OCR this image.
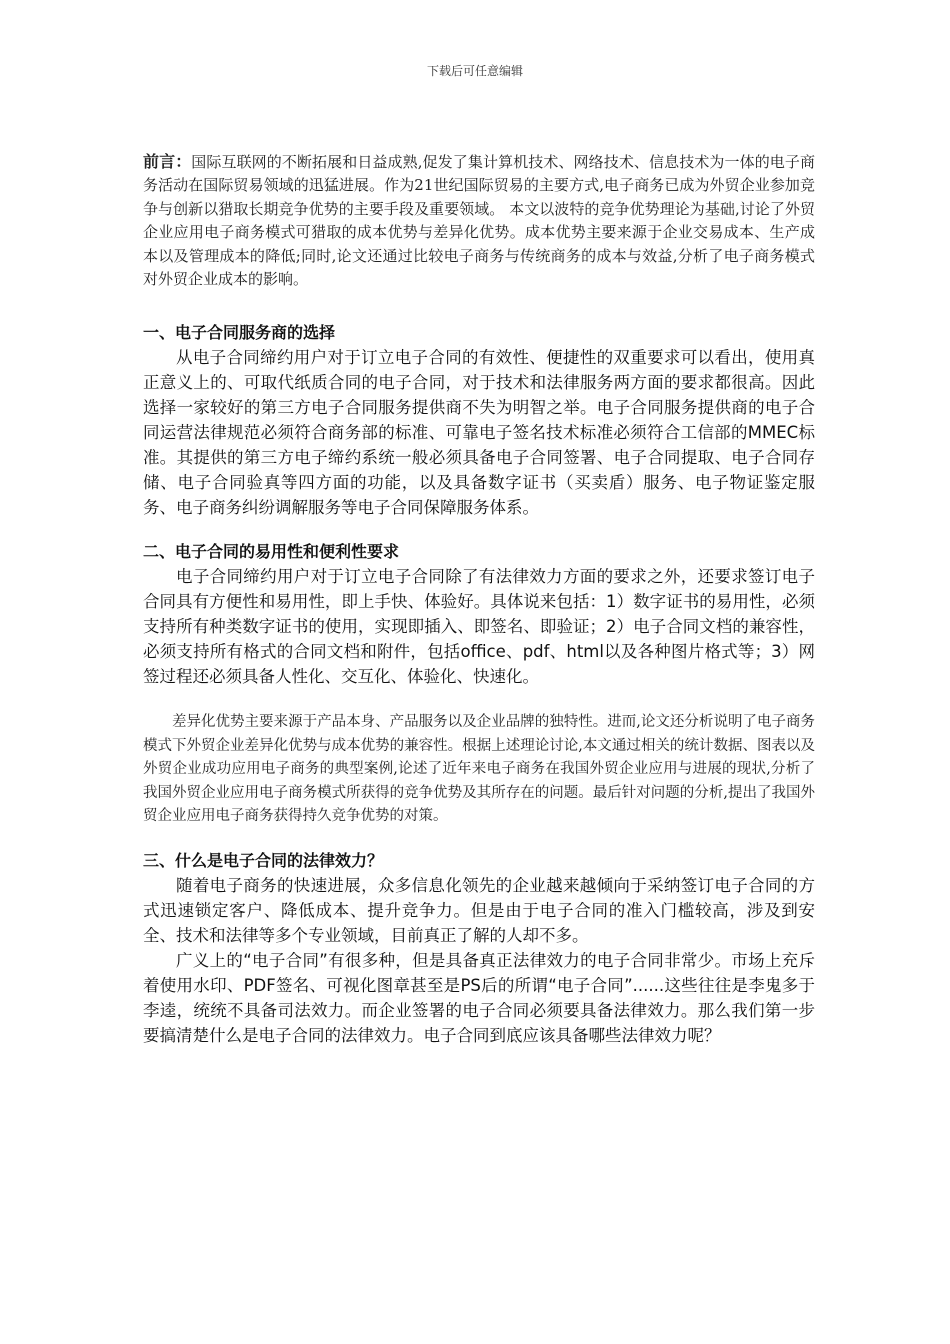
下载后可任意编辑

前言：国际互联网的不断拓展和日益成熟,促发了集计算机技术、网络技术、信息技术为一体的电子商务活动在国际贸易领域的迅猛进展。作为21世纪国际贸易的主要方式,电子商务已成为外贸企业参加竞争与创新以猎取长期竞争优势的主要手段及重要领域。 本文以波特的竞争优势理论为基础,讨论了外贸企业应用电子商务模式可猎取的成本优势与差异化优势。成本优势主要来源于企业交易成本、生产成本以及管理成本的降低;同时,论文还通过比较电子商务与传统商务的成本与效益,分析了电子商务模式对外贸企业成本的影响。

一、电子合同服务商的选择

从电子合同缔约用户对于订立电子合同的有效性、便捷性的双重要求可以看出，使用真正意义上的、可取代纸质合同的电子合同，对于技术和法律服务两方面的要求都很高。因此选择一家较好的第三方电子合同服务提供商不失为明智之举。电子合同服务提供商的电子合同运营法律规范必须符合商务部的标准、可靠电子签名技术标准必须符合工信部的MMEC标准。其提供的第三方电子缔约系统一般必须具备电子合同签署、电子合同提取、电子合同存储、电子合同验真等四方面的功能，以及具备数字证书（买卖盾）服务、电子物证鉴定服务、电子商务纠纷调解服务等电子合同保障服务体系。

二、电子合同的易用性和便利性要求

电子合同缔约用户对于订立电子合同除了有法律效力方面的要求之外，还要求签订电子合同具有方便性和易用性，即上手快、体验好。具体说来包括：1）数字证书的易用性，必须支持所有种类数字证书的使用，实现即插入、即签名、即验证；2）电子合同文档的兼容性，必须支持所有格式的合同文档和附件，包括office、pdf、html以及各种图片格式等；3）网签过程还必须具备人性化、交互化、体验化、快速化。

差异化优势主要来源于产品本身、产品服务以及企业品牌的独特性。进而,论文还分析说明了电子商务模式下外贸企业差异化优势与成本优势的兼容性。根据上述理论讨论,本文通过相关的统计数据、图表以及外贸企业成功应用电子商务的典型案例,论述了近年来电子商务在我国外贸企业应用与进展的现状,分析了我国外贸企业应用电子商务模式所获得的竞争优势及其所存在的问题。最后针对问题的分析,提出了我国外贸企业应用电子商务获得持久竞争优势的对策。

三、什么是电子合同的法律效力？

随着电子商务的快速进展，众多信息化领先的企业越来越倾向于采纳签订电子合同的方式迅速锁定客户、降低成本、提升竞争力。但是由于电子合同的准入门槛较高，涉及到安全、技术和法律等多个专业领域，目前真正了解的人却不多。

广义上的“电子合同”有很多种，但是具备真正法律效力的电子合同非常少。市场上充斥着使用水印、PDF签名、可视化图章甚至是PS后的所谓“电子合同”......这些往往是李鬼多于李逵，统统不具备司法效力。而企业签署的电子合同必须要具备法律效力。那么我们第一步要搞清楚什么是电子合同的法律效力。电子合同到底应该具备哪些法律效力呢？
